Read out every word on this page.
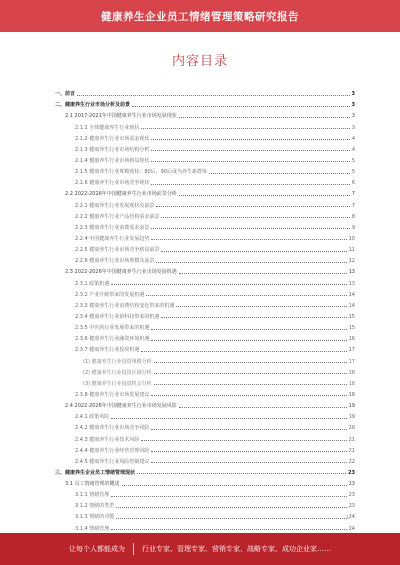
健康养生企业员工情绪管理策略研究报告
内容目录
一、前言	3
二、健康养生行业市场分析及前景	3
2.1 2017-2021年中国健康养生行业市场发展现状	3
2.1.1 全球健康养生行业现状	3
2.1.2 健康养生行业市场需求现状	4
2.1.3 健康养生行业市场结构分析	4
2.1.4 健康养生行业市场格局现状	5
2.1.5 健康养生行业规模现状：80后、90后成为养生新群体	5
2.1.6 健康养生行业市场竞争现状	6
2.2 2022-2026年中国健康养生行业市场前景分析	7
2.2.1 健康养生行业发展现状及前景	7
2.2.2 健康养生行业产品结构需求前景	8
2.2.3 健康养生行业消费需求前景	9
2.2.4 中国健康养生行业发展趋势	10
2.2.5 健康养生行业市场竞争格局前景	11
2.2.6 健康养生行业市场规模及前景	12
2.3 2022-2026年中国健康养生行业市场发展机遇	13
2.3.1 政策机遇	13
2.3.2 产业升级带来的发展机遇	14
2.3.3 健康养生行业消费结构变化带来的机遇	14
2.3.4 健康养生行业新科技带来的机遇	15
2.3.5 中医药行业发展带来的机遇	15
2.3.6 健康养生行业融资环境机遇	16
2.3.7 健康养生行业投资机遇	17
(1) 健康养生行业投资规模分析	17
(2) 健康养生行业投资区域分析	18
(3) 健康养生行业投资机会分析	18
2.3.8 健康养生行业市场发展建议	18
2.4 2022-2026年中国健康养生行业市场发展风险	19
2.4.1 政策风险	19
2.4.2 健康养生行业市场竞争风险	20
2.4.3 健康养生行业技术风险	21
2.4.4 健康养生行业经营管理风险	21
2.4.5 健康养生行业风险控制建议	22
三、健康养生企业员工情绪管理现状	23
3.1 员工情绪管理的概述	23
3.1.1 情绪管理	23
3.1.2 情绪的类型	23
3.1.3 情绪的功能	24
3.1.4 情绪管理	24
1
让每个人都能成为 行业专家、管理专家、营销专家、战略专家、成功企业家……
